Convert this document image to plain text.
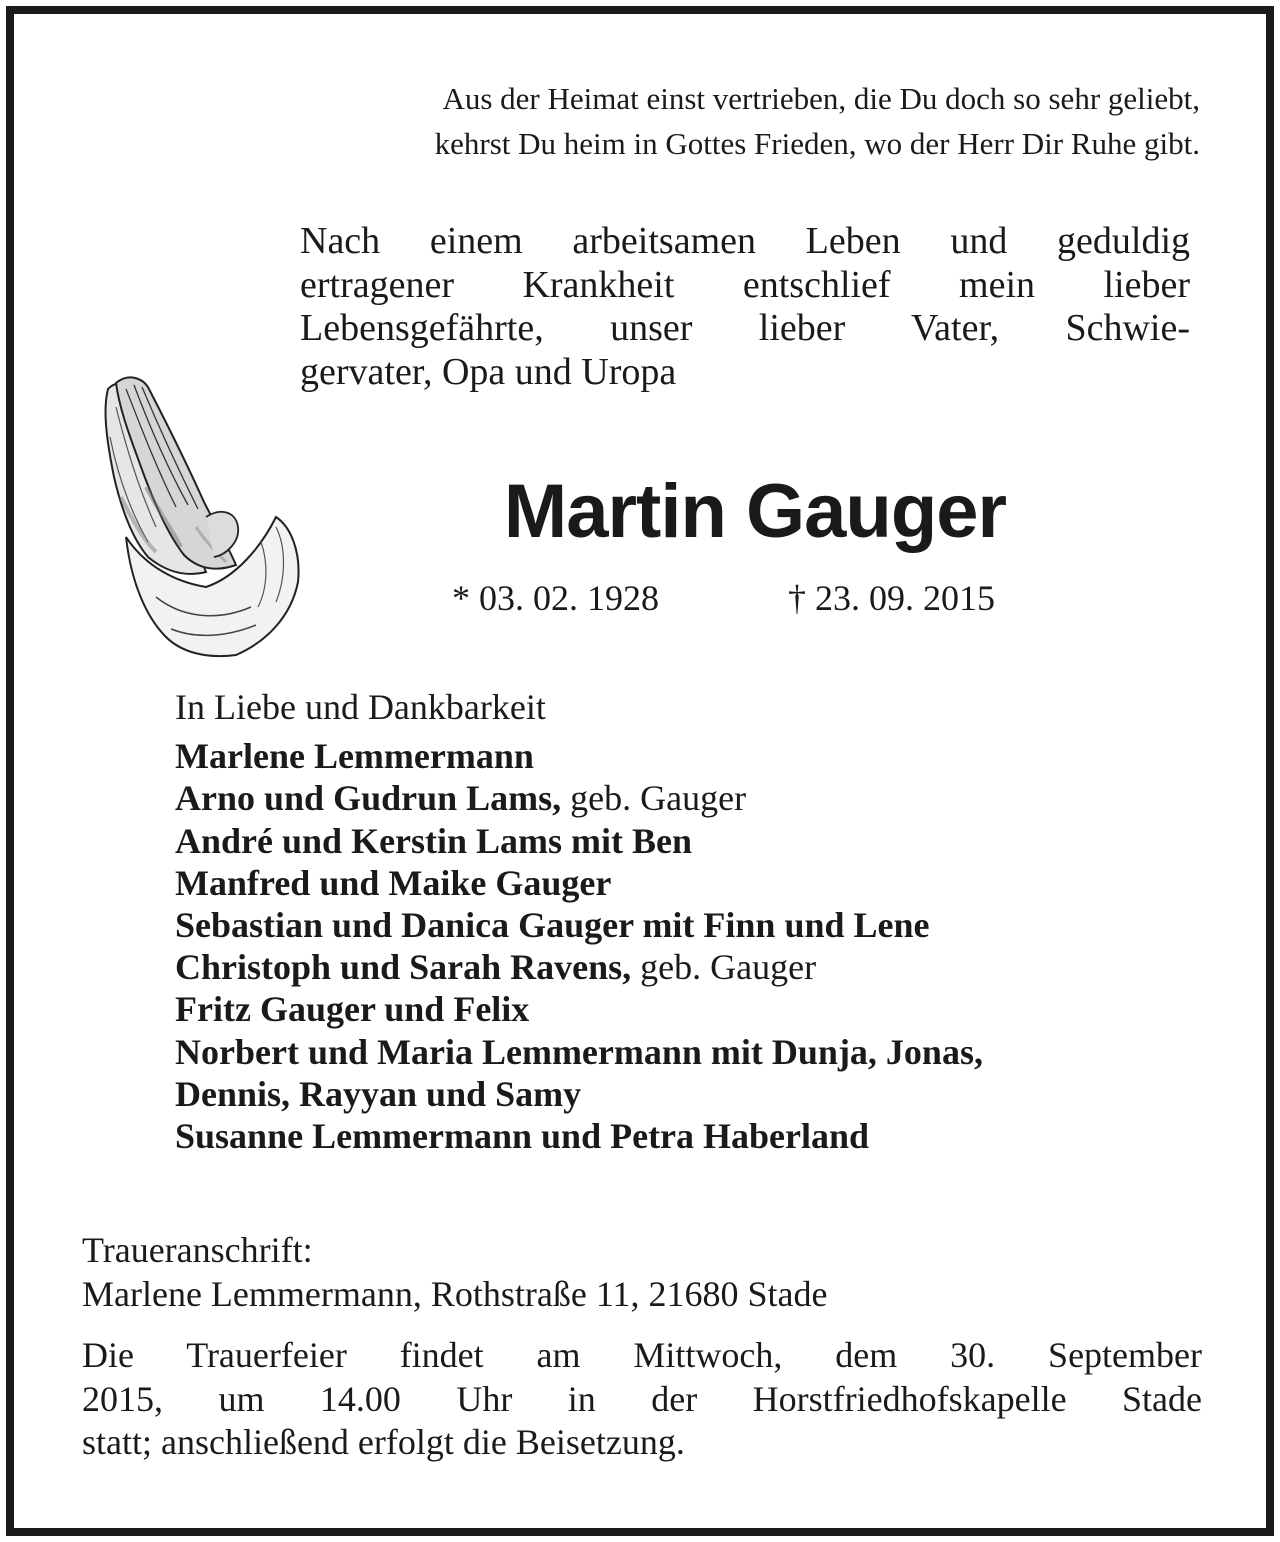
Aus der Heimat einst vertrieben, die Du doch so sehr geliebt,
kehrst Du heim in Gottes Frieden, wo der Herr Dir Ruhe gibt.
Nach einem arbeitsamen Leben und geduldig
ertragener Krankheit entschlief mein lieber
Lebensgefährte, unser lieber Vater, Schwie-
gervater, Opa und Uropa
Martin Gauger
* 03. 02. 1928	† 23. 09. 2015
In Liebe und Dankbarkeit
Marlene Lemmermann
Arno und Gudrun Lams, geb. Gauger
André und Kerstin Lams mit Ben
Manfred und Maike Gauger
Sebastian und Danica Gauger mit Finn und Lene
Christoph und Sarah Ravens, geb. Gauger
Fritz Gauger und Felix
Norbert und Maria Lemmermann mit Dunja, Jonas,
Dennis, Rayyan und Samy
Susanne Lemmermann und Petra Haberland
Traueranschrift:
Marlene Lemmermann, Rothstraße 11, 21680 Stade
Die Trauerfeier findet am Mittwoch, dem 30. September
2015, um 14.00 Uhr in der Horstfriedhofskapelle Stade
statt; anschließend erfolgt die Beisetzung.
